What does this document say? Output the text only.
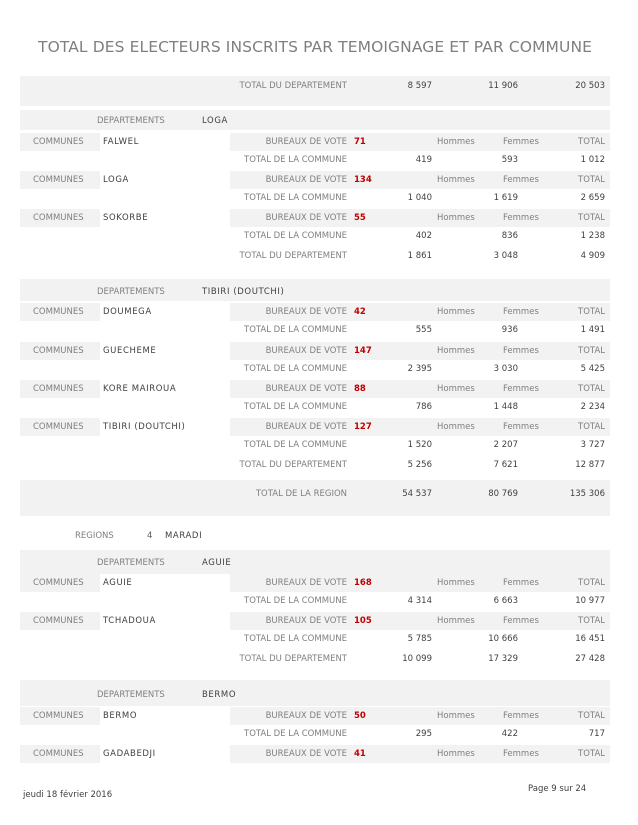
TOTAL DES ELECTEURS INSCRITS PAR TEMOIGNAGE ET PAR COMMUNE
TOTAL DU DEPARTEMENT	8 597	11 906	20 503
DEPARTEMENTS	LOGA
COMMUNES FALWEL	BUREAUX DE VOTE 71	Hommes	Femmes	TOTAL
TOTAL DE LA COMMUNE	419	593	1 012
COMMUNES LOGA	BUREAUX DE VOTE 134	Hommes	Femmes	TOTAL
TOTAL DE LA COMMUNE	1 040	1 619	2 659
COMMUNES SOKORBE	BUREAUX DE VOTE 55	Hommes	Femmes	TOTAL
TOTAL DE LA COMMUNE	402	836	1 238
TOTAL DU DEPARTEMENT	1 861	3 048	4 909
DEPARTEMENTS	TIBIRI (DOUTCHI)
COMMUNES DOUMEGA	BUREAUX DE VOTE 42	Hommes	Femmes	TOTAL
TOTAL DE LA COMMUNE	555	936	1 491
COMMUNES GUECHEME	BUREAUX DE VOTE 147	Hommes	Femmes	TOTAL
TOTAL DE LA COMMUNE	2 395	3 030	5 425
COMMUNES KORE MAIROUA	BUREAUX DE VOTE 88	Hommes	Femmes	TOTAL
TOTAL DE LA COMMUNE	786	1 448	2 234
COMMUNES TIBIRI (DOUTCHI)	BUREAUX DE VOTE 127	Hommes	Femmes	TOTAL
TOTAL DE LA COMMUNE	1 520	2 207	3 727
TOTAL DU DEPARTEMENT	5 256	7 621	12 877
TOTAL DE LA REGION	54 537	80 769	135 306
REGIONS	4 MARADI
DEPARTEMENTS	AGUIE
COMMUNES AGUIE	BUREAUX DE VOTE 168	Hommes	Femmes	TOTAL
TOTAL DE LA COMMUNE	4 314	6 663	10 977
COMMUNES TCHADOUA	BUREAUX DE VOTE 105	Hommes	Femmes	TOTAL
TOTAL DE LA COMMUNE	5 785	10 666	16 451
TOTAL DU DEPARTEMENT	10 099	17 329	27 428
DEPARTEMENTS	BERMO
COMMUNES BERMO	BUREAUX DE VOTE 50	Hommes	Femmes	TOTAL
TOTAL DE LA COMMUNE	295	422	717
COMMUNES GADABEDJI	BUREAUX DE VOTE 41	Hommes	Femmes	TOTAL
jeudi 18 février 2016
Page 9 sur 24
